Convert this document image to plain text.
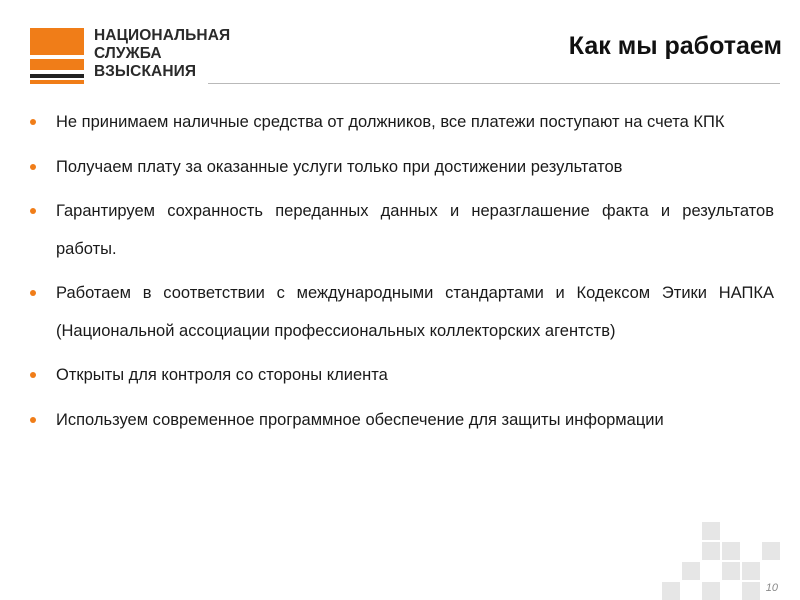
НАЦИОНАЛЬНАЯ
СЛУЖБА
ВЗЫСКАНИЯ
Как мы работаем
Не принимаем наличные средства от должников, все платежи поступают на счета КПК
Получаем плату за оказанные услуги только при достижении результатов
Гарантируем сохранность переданных данных и неразглашение факта и результатов работы.
Работаем в соответствии с международными стандартами и Кодексом Этики НАПКА (Национальной ассоциации профессиональных коллекторских агентств)
Открыты для контроля со стороны клиента
Используем современное программное обеспечение для защиты информации
10
